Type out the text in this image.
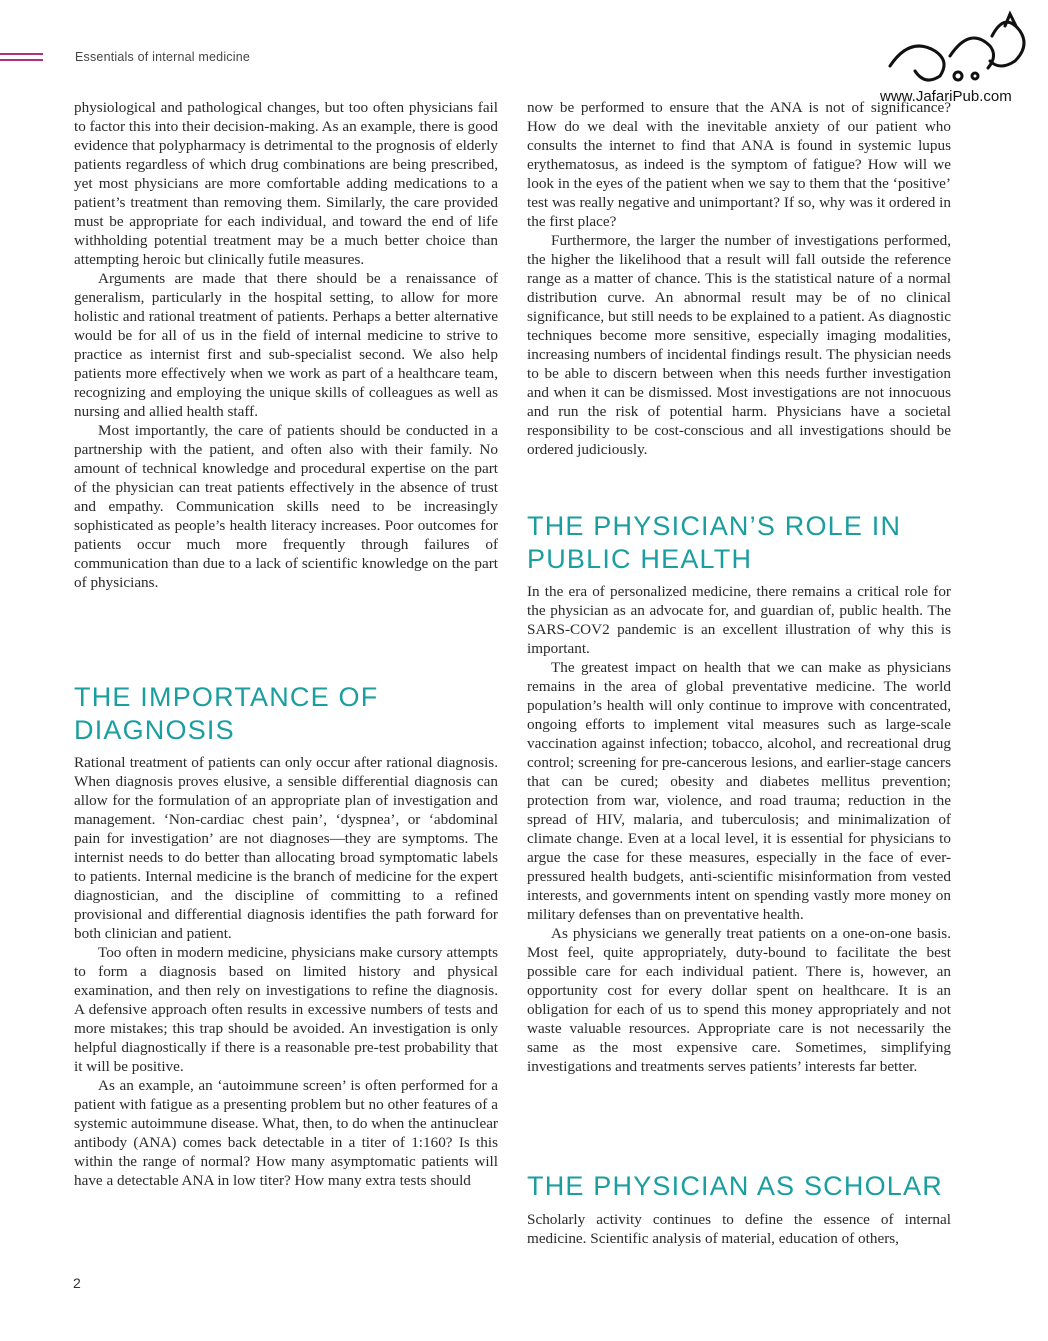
Essentials of internal medicine
www.JafariPub.com

physiological and pathological changes, but too often physicians fail to factor this into their decision-making. As an example, there is good evidence that polypharmacy is detrimental to the prognosis of elderly patients regardless of which drug combinations are being prescribed, yet most physicians are more comfortable adding medications to a patient’s treatment than removing them. Similarly, the care provided must be appropriate for each individual, and toward the end of life withholding potential treatment may be a much better choice than attempting heroic but clinically futile measures.

Arguments are made that there should be a renaissance of generalism, particularly in the hospital setting, to allow for more holistic and rational treatment of patients. Perhaps a better alternative would be for all of us in the field of internal medicine to strive to practice as internist first and sub-specialist second. We also help patients more effectively when we work as part of a healthcare team, recognizing and employing the unique skills of colleagues as well as nursing and allied health staff.

Most importantly, the care of patients should be conducted in a partnership with the patient, and often also with their family. No amount of technical knowledge and procedural expertise on the part of the physician can treat patients effectively in the absence of trust and empathy. Communication skills need to be increasingly sophisticated as people’s health literacy increases. Poor outcomes for patients occur much more frequently through failures of communication than due to a lack of scientific knowledge on the part of physicians.

THE IMPORTANCE OF
DIAGNOSIS

Rational treatment of patients can only occur after rational diagnosis. When diagnosis proves elusive, a sensible differential diagnosis can allow for the formulation of an appropriate plan of investigation and management. ‘Non-cardiac chest pain’, ‘dyspnea’, or ‘abdominal pain for investigation’ are not diagnoses—they are symptoms. The internist needs to do better than allocating broad symptomatic labels to patients. Internal medicine is the branch of medicine for the expert diagnostician, and the discipline of committing to a refined provisional and differential diagnosis identifies the path forward for both clinician and patient.

Too often in modern medicine, physicians make cursory attempts to form a diagnosis based on limited history and physical examination, and then rely on investigations to refine the diagnosis. A defensive approach often results in excessive numbers of tests and more mistakes; this trap should be avoided. An investigation is only helpful diagnostically if there is a reasonable pre-test probability that it will be positive.

As an example, an ‘autoimmune screen’ is often performed for a patient with fatigue as a presenting problem but no other features of a systemic autoimmune disease. What, then, to do when the antinuclear antibody (ANA) comes back detectable in a titer of 1:160? Is this within the range of normal? How many asymptomatic patients will have a detectable ANA in low titer? How many extra tests should

now be performed to ensure that the ANA is not of significance? How do we deal with the inevitable anxiety of our patient who consults the internet to find that ANA is found in systemic lupus erythematosus, as indeed is the symptom of fatigue? How will we look in the eyes of the patient when we say to them that the ‘positive’ test was really negative and unimportant? If so, why was it ordered in the first place?

Furthermore, the larger the number of investigations performed, the higher the likelihood that a result will fall outside the reference range as a matter of chance. This is the statistical nature of a normal distribution curve. An abnormal result may be of no clinical significance, but still needs to be explained to a patient. As diagnostic techniques become more sensitive, especially imaging modalities, increasing numbers of incidental findings result. The physician needs to be able to discern between when this needs further investigation and when it can be dismissed. Most investigations are not innocuous and run the risk of potential harm. Physicians have a societal responsibility to be cost-conscious and all investigations should be ordered judiciously.

THE PHYSICIAN’S ROLE IN
PUBLIC HEALTH

In the era of personalized medicine, there remains a critical role for the physician as an advocate for, and guardian of, public health. The SARS-COV2 pandemic is an excellent illustration of why this is important.

The greatest impact on health that we can make as physicians remains in the area of global preventative medicine. The world population’s health will only continue to improve with concentrated, ongoing efforts to implement vital measures such as large-scale vaccination against infection; tobacco, alcohol, and recreational drug control; screening for pre-cancerous lesions, and earlier-stage cancers that can be cured; obesity and diabetes mellitus prevention; protection from war, violence, and road trauma; reduction in the spread of HIV, malaria, and tuberculosis; and minimalization of climate change. Even at a local level, it is essential for physicians to argue the case for these measures, especially in the face of ever-pressured health budgets, anti-scientific misinformation from vested interests, and governments intent on spending vastly more money on military defenses than on preventative health.

As physicians we generally treat patients on a one-on-one basis. Most feel, quite appropriately, duty-bound to facilitate the best possible care for each individual patient. There is, however, an opportunity cost for every dollar spent on healthcare. It is an obligation for each of us to spend this money appropriately and not waste valuable resources. Appropriate care is not necessarily the same as the most expensive care. Sometimes, simplifying investigations and treatments serves patients’ interests far better.

THE PHYSICIAN AS SCHOLAR

Scholarly activity continues to define the essence of internal medicine. Scientific analysis of material, education of others,

2
